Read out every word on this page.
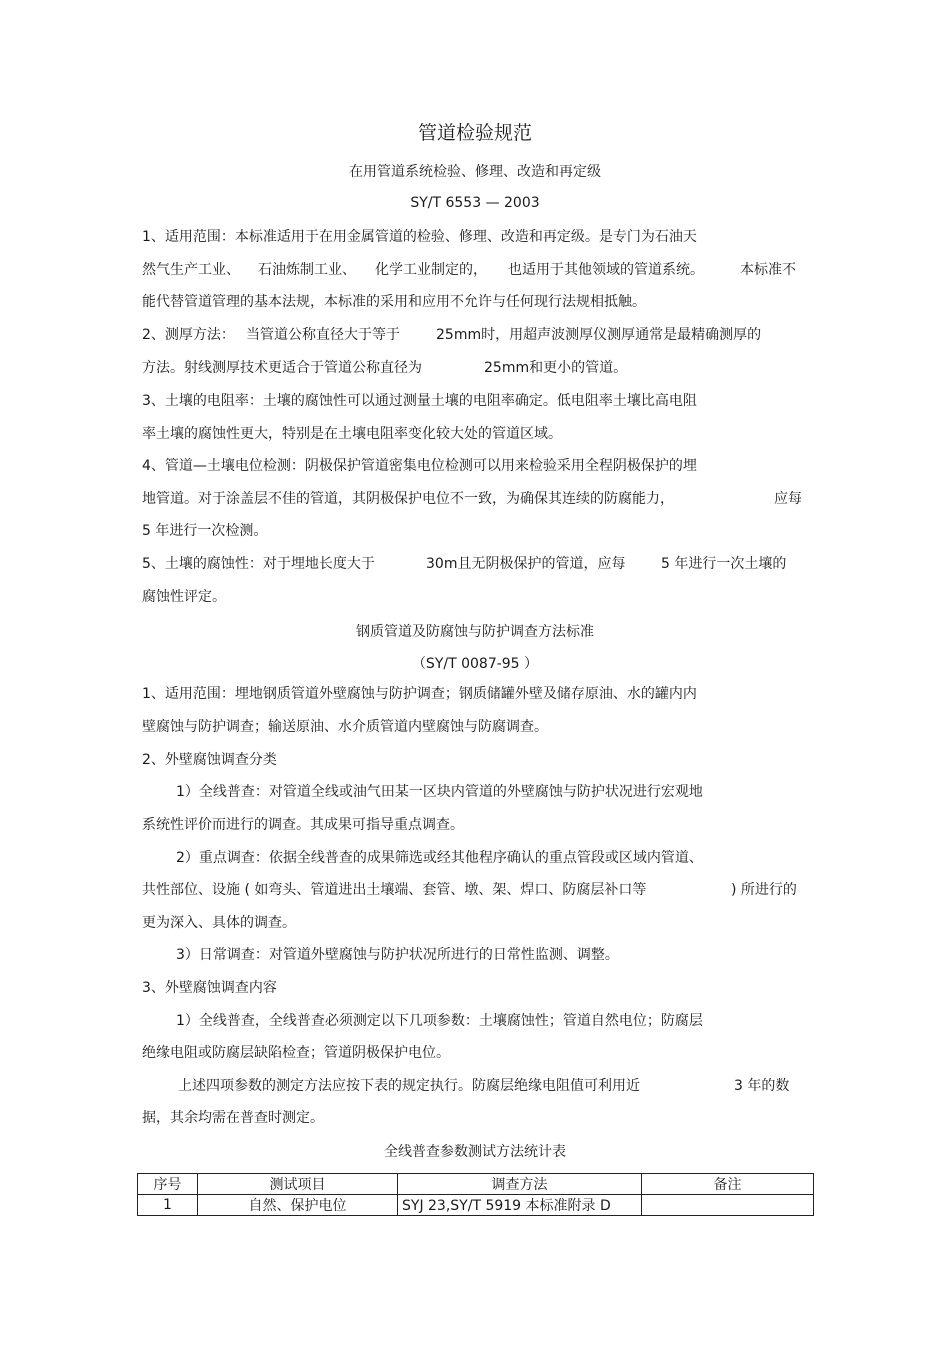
管道检验规范
在用管道系统检验、修理、改造和再定级
SY/T 6553 — 2003
1、适用范围：本标准适用于在用金属管道的检验、修理、改造和再定级。是专门为石油天
然气生产工业、 石油炼制工业、 化学工业制定的， 也适用于其他领域的管道系统。	本标准不
能代替管道管理的基本法规，本标准的采用和应用不允许与任何现行法规相抵触。
2、测厚方法： 当管道公称直径大于等于	25mm时，用超声波测厚仪测厚通常是最精确测厚的
方法。射线测厚技术更适合于管道公称直径为	25mm和更小的管道。
3、土壤的电阻率：土壤的腐蚀性可以通过测量土壤的电阻率确定。低电阻率土壤比高电阻
率土壤的腐蚀性更大，特别是在土壤电阻率变化较大处的管道区域。
4、管道—土壤电位检测：阴极保护管道密集电位检测可以用来检验采用全程阴极保护的埋
地管道。对于涂盖层不佳的管道，其阴极保护电位不一致，为确保其连续的防腐能力，	应每
5 年进行一次检测。
5、土壤的腐蚀性：对于埋地长度大于	30m且无阴极保护的管道，应每	5 年进行一次土壤的
腐蚀性评定。
钢质管道及防腐蚀与防护调查方法标准
（SY/T 0087-95 ）
1、适用范围：埋地钢质管道外壁腐蚀与防护调查；钢质储罐外壁及储存原油、水的罐内内
壁腐蚀与防护调查；输送原油、水介质管道内壁腐蚀与防腐调查。
2、外壁腐蚀调查分类
1）全线普查：对管道全线或油气田某一区块内管道的外壁腐蚀与防护状况进行宏观地
系统性评价而进行的调查。其成果可指导重点调查。
2）重点调查：依据全线普查的成果筛选或经其他程序确认的重点管段或区域内管道、
共性部位、设施 ( 如弯头、管道进出土壤端、套管、墩、架、焊口、防腐层补口等	) 所进行的
更为深入、具体的调查。
3）日常调查：对管道外壁腐蚀与防护状况所进行的日常性监测、调整。
3、外壁腐蚀调查内容
1）全线普查，全线普查必须测定以下几项参数：土壤腐蚀性；管道自然电位；防腐层
绝缘电阻或防腐层缺陷检查；管道阴极保护电位。
上述四项参数的测定方法应按下表的规定执行。防腐层绝缘电阻值可利用近	3 年的数
据，其余均需在普查时测定。
全线普查参数测试方法统计表
序号	测试项目	调查方法	备注
1	自然、保护电位	SYJ 23,SY/T 5919 本标准附录 D	
